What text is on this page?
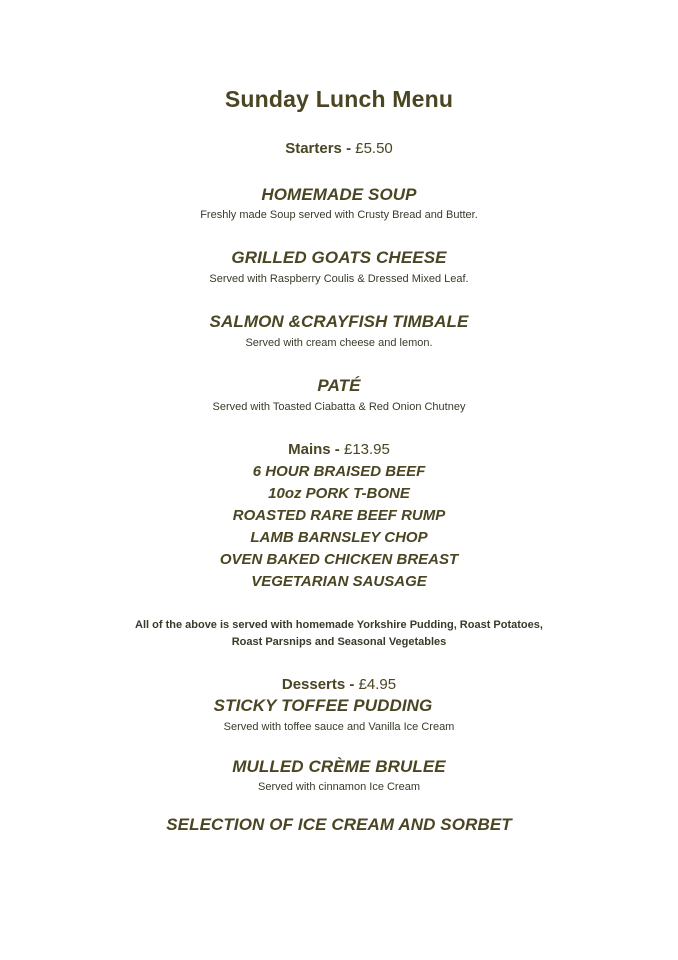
Sunday Lunch Menu
Starters - £5.50
HOMEMADE SOUP
Freshly made Soup served with Crusty Bread and Butter.
GRILLED GOATS CHEESE
Served with Raspberry Coulis & Dressed Mixed Leaf.
SALMON &CRAYFISH TIMBALE
Served with cream cheese and lemon.
PATÉ
Served with Toasted Ciabatta & Red Onion Chutney
Mains - £13.95
6 HOUR BRAISED BEEF
10oz PORK T-BONE
ROASTED RARE BEEF RUMP
LAMB BARNSLEY CHOP
OVEN BAKED CHICKEN BREAST
VEGETARIAN SAUSAGE
All of the above is served with homemade Yorkshire Pudding, Roast Potatoes,
Roast Parsnips and Seasonal Vegetables
Desserts - £4.95
STICKY TOFFEE PUDDING
Served with toffee sauce and Vanilla Ice Cream
MULLED CRÈME BRULEE
Served with cinnamon Ice Cream
SELECTION OF ICE CREAM AND SORBET
